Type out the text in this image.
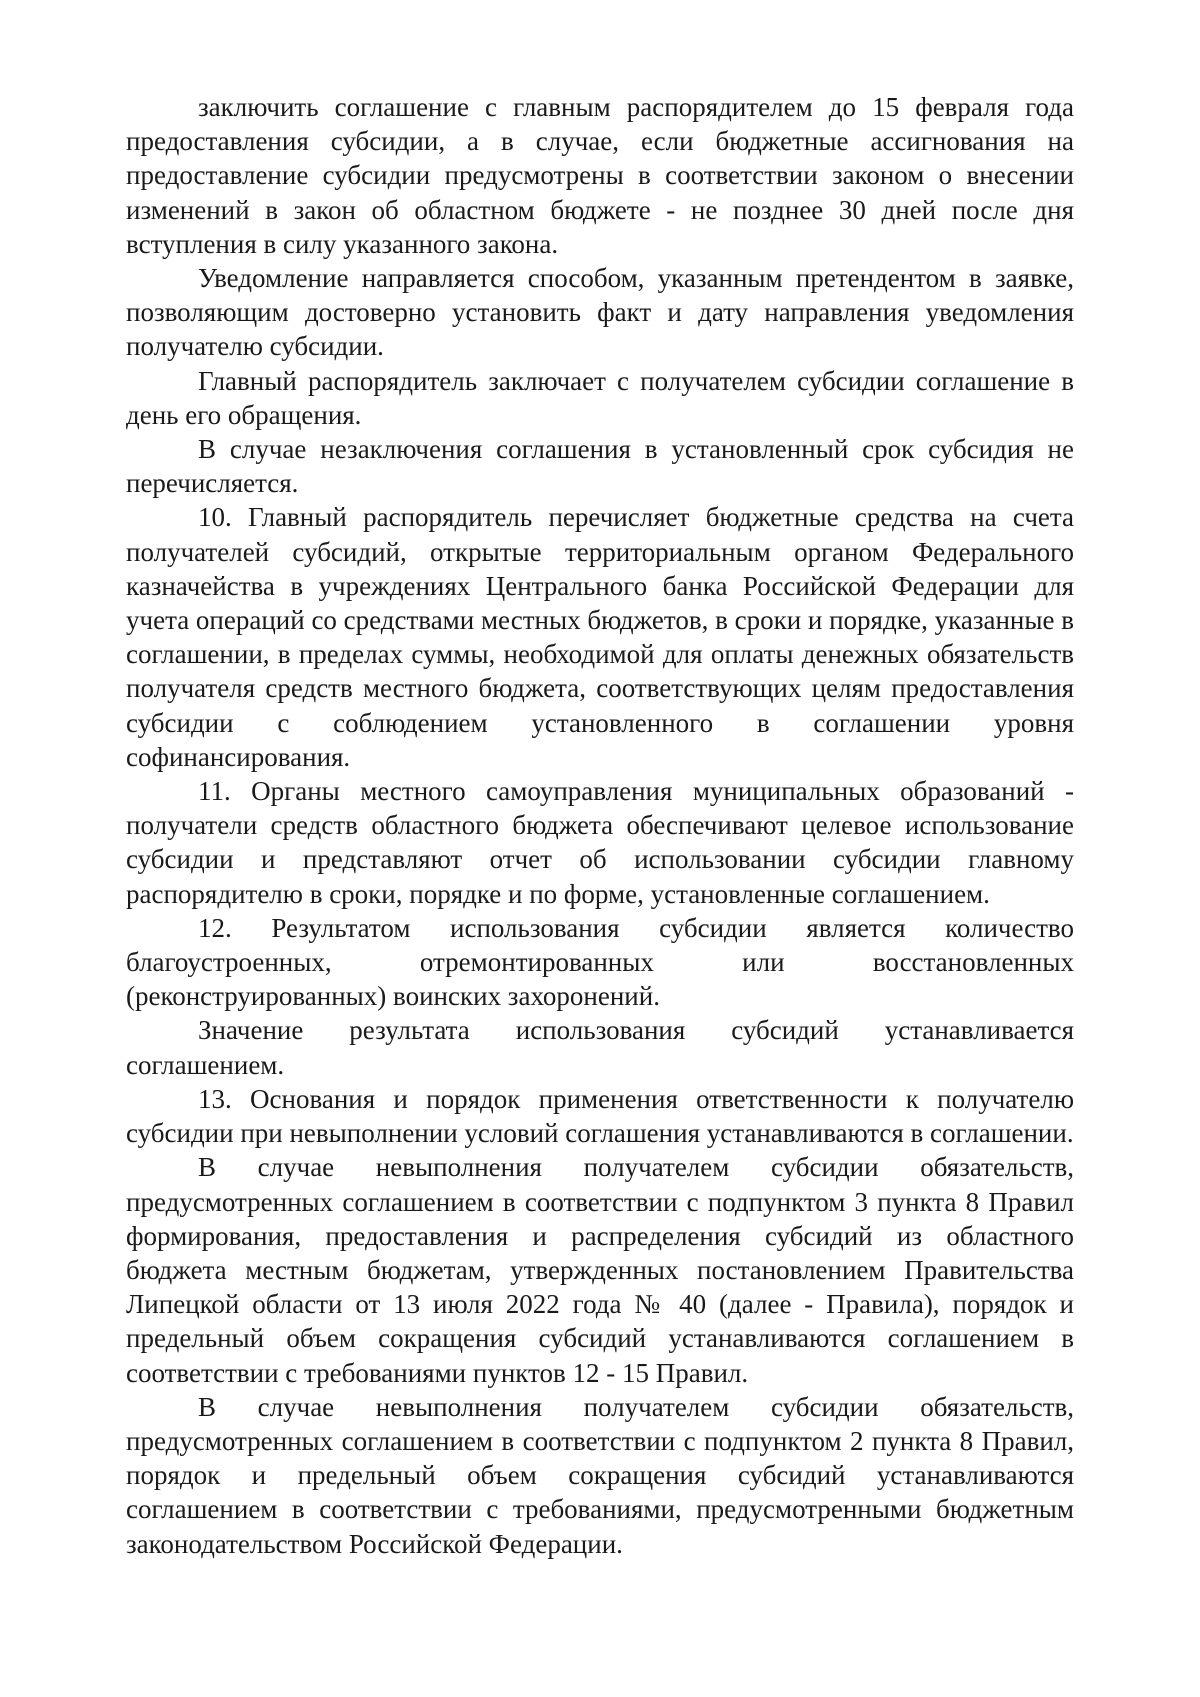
заключить соглашение с главным распорядителем до 15 февраля года предоставления субсидии, а в случае, если бюджетные ассигнования на предоставление субсидии предусмотрены в соответствии законом о внесении изменений в закон об областном бюджете - не позднее 30 дней после дня вступления в силу указанного закона.

Уведомление направляется способом, указанным претендентом в заявке, позволяющим достоверно установить факт и дату направления уведомления получателю субсидии.

Главный распорядитель заключает с получателем субсидии соглашение в день его обращения.

В случае незаключения соглашения в установленный срок субсидия не перечисляется.

10. Главный распорядитель перечисляет бюджетные средства на счета получателей субсидий, открытые территориальным органом Федерального казначейства в учреждениях Центрального банка Российской Федерации для учета операций со средствами местных бюджетов, в сроки и порядке, указанные в соглашении, в пределах суммы, необходимой для оплаты денежных обязательств получателя средств местного бюджета, соответствующих целям предоставления субсидии с соблюдением установленного в соглашении уровня софинансирования.

11. Органы местного самоуправления муниципальных образований - получатели средств областного бюджета обеспечивают целевое использование субсидии и представляют отчет об использовании субсидии главному распорядителю в сроки, порядке и по форме, установленные соглашением.

12. Результатом использования субсидии является количество благоустроенных, отремонтированных или восстановленных (реконструированных) воинских захоронений.

Значение результата использования субсидий устанавливается соглашением.

13. Основания и порядок применения ответственности к получателю субсидии при невыполнении условий соглашения устанавливаются в соглашении.

В случае невыполнения получателем субсидии обязательств, предусмотренных соглашением в соответствии с подпунктом 3 пункта 8 Правил формирования, предоставления и распределения субсидий из областного бюджета местным бюджетам, утвержденных постановлением Правительства Липецкой области от 13 июля 2022 года № 40 (далее - Правила), порядок и предельный объем сокращения субсидий устанавливаются соглашением в соответствии с требованиями пунктов 12 - 15 Правил.

В случае невыполнения получателем субсидии обязательств, предусмотренных соглашением в соответствии с подпунктом 2 пункта 8 Правил, порядок и предельный объем сокращения субсидий устанавливаются соглашением в соответствии с требованиями, предусмотренными бюджетным законодательством Российской Федерации.
